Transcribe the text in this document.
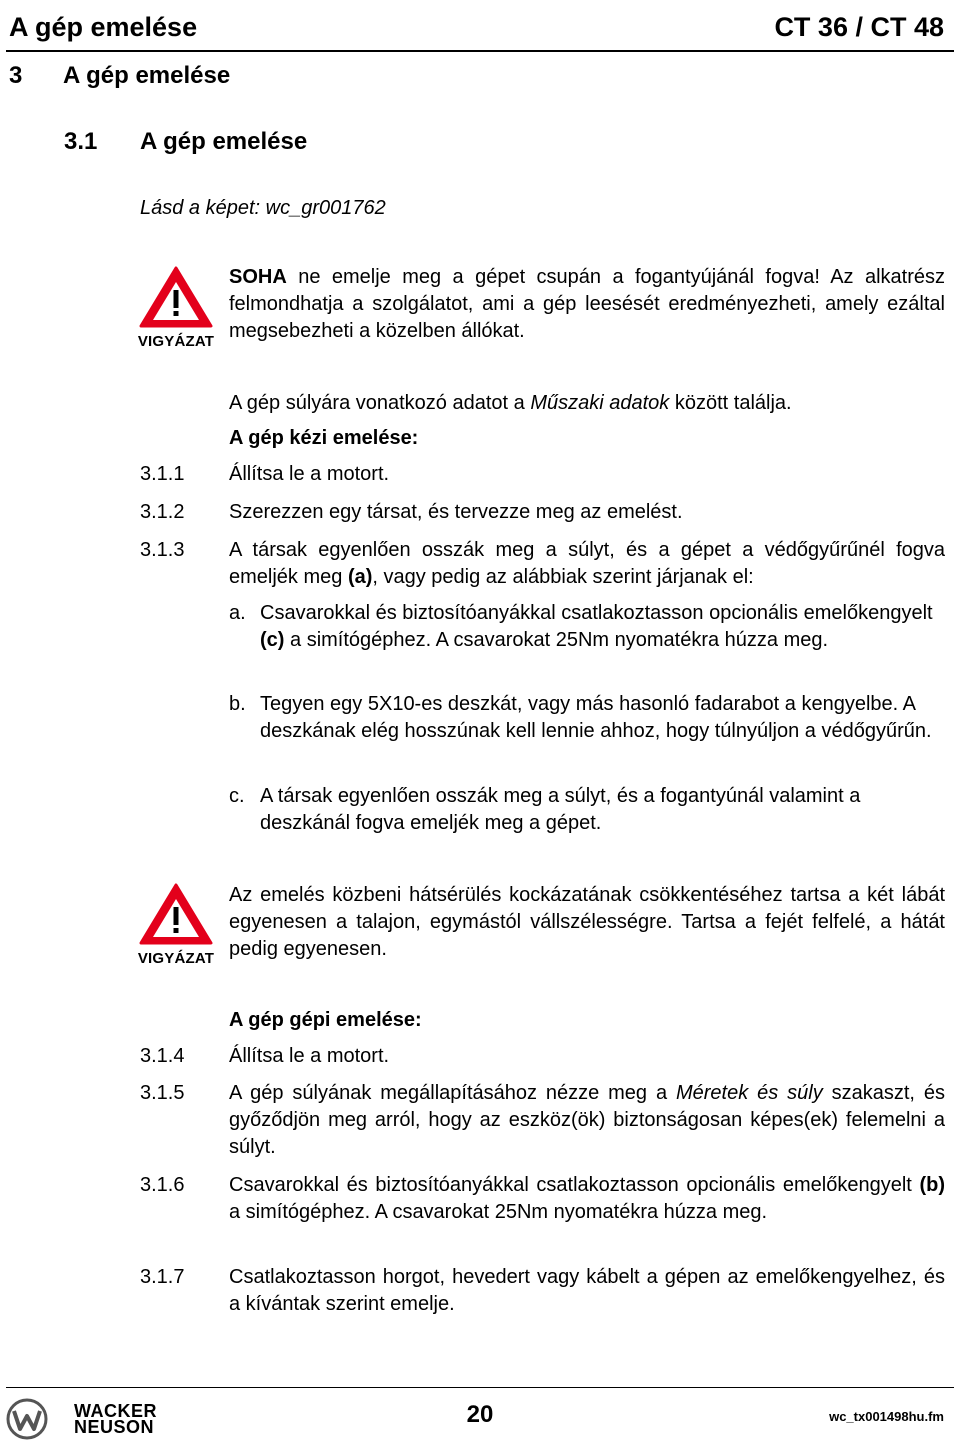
A gép emelése	CT 36 / CT 48
3 A gép emelése
3.1 A gép emelése
Lásd a képet: wc_gr001762
VIGYÁZAT
SOHA ne emelje meg a gépet csupán a fogantyújánál fogva! Az alkatrész felmondhatja a szolgálatot, ami a gép leesését eredményezheti, amely ezáltal megsebezheti a közelben állókat.
A gép súlyára vonatkozó adatot a Műszaki adatok között találja.
A gép kézi emelése:
3.1.1 Állítsa le a motort.
3.1.2 Szerezzen egy társat, és tervezze meg az emelést.
3.1.3 A társak egyenlően osszák meg a súlyt, és a gépet a védőgyűrűnél fogva emeljék meg (a), vagy pedig az alábbiak szerint járjanak el:
a. Csavarokkal és biztosítóanyákkal csatlakoztasson opcionális emelőkengyelt (c) a simítógéphez. A csavarokat 25Nm nyomatékra húzza meg.
b. Tegyen egy 5X10-es deszkát, vagy más hasonló fadarabot a kengyelbe. A deszkának elég hosszúnak kell lennie ahhoz, hogy túlnyúljon a védőgyűrűn.
c. A társak egyenlően osszák meg a súlyt, és a fogantyúnál valamint a deszkánál fogva emeljék meg a gépet.
VIGYÁZAT
Az emelés közbeni hátsérülés kockázatának csökkentéséhez tartsa a két lábát egyenesen a talajon, egymástól vállszélességre. Tartsa a fejét felfelé, a hátát pedig egyenesen.
A gép gépi emelése:
3.1.4 Állítsa le a motort.
3.1.5 A gép súlyának megállapításához nézze meg a Méretek és súly szakaszt, és győződjön meg arról, hogy az eszköz(ök) biztonságosan képes(ek) felemelni a súlyt.
3.1.6 Csavarokkal és biztosítóanyákkal csatlakoztasson opcionális emelőkengyelt (b) a simítógéphez. A csavarokat 25Nm nyomatékra húzza meg.
3.1.7 Csatlakoztasson horgot, hevedert vagy kábelt a gépen az emelőkengyelhez, és a kívántak szerint emelje.
WACKER
NEUSON	20	wc_tx001498hu.fm
